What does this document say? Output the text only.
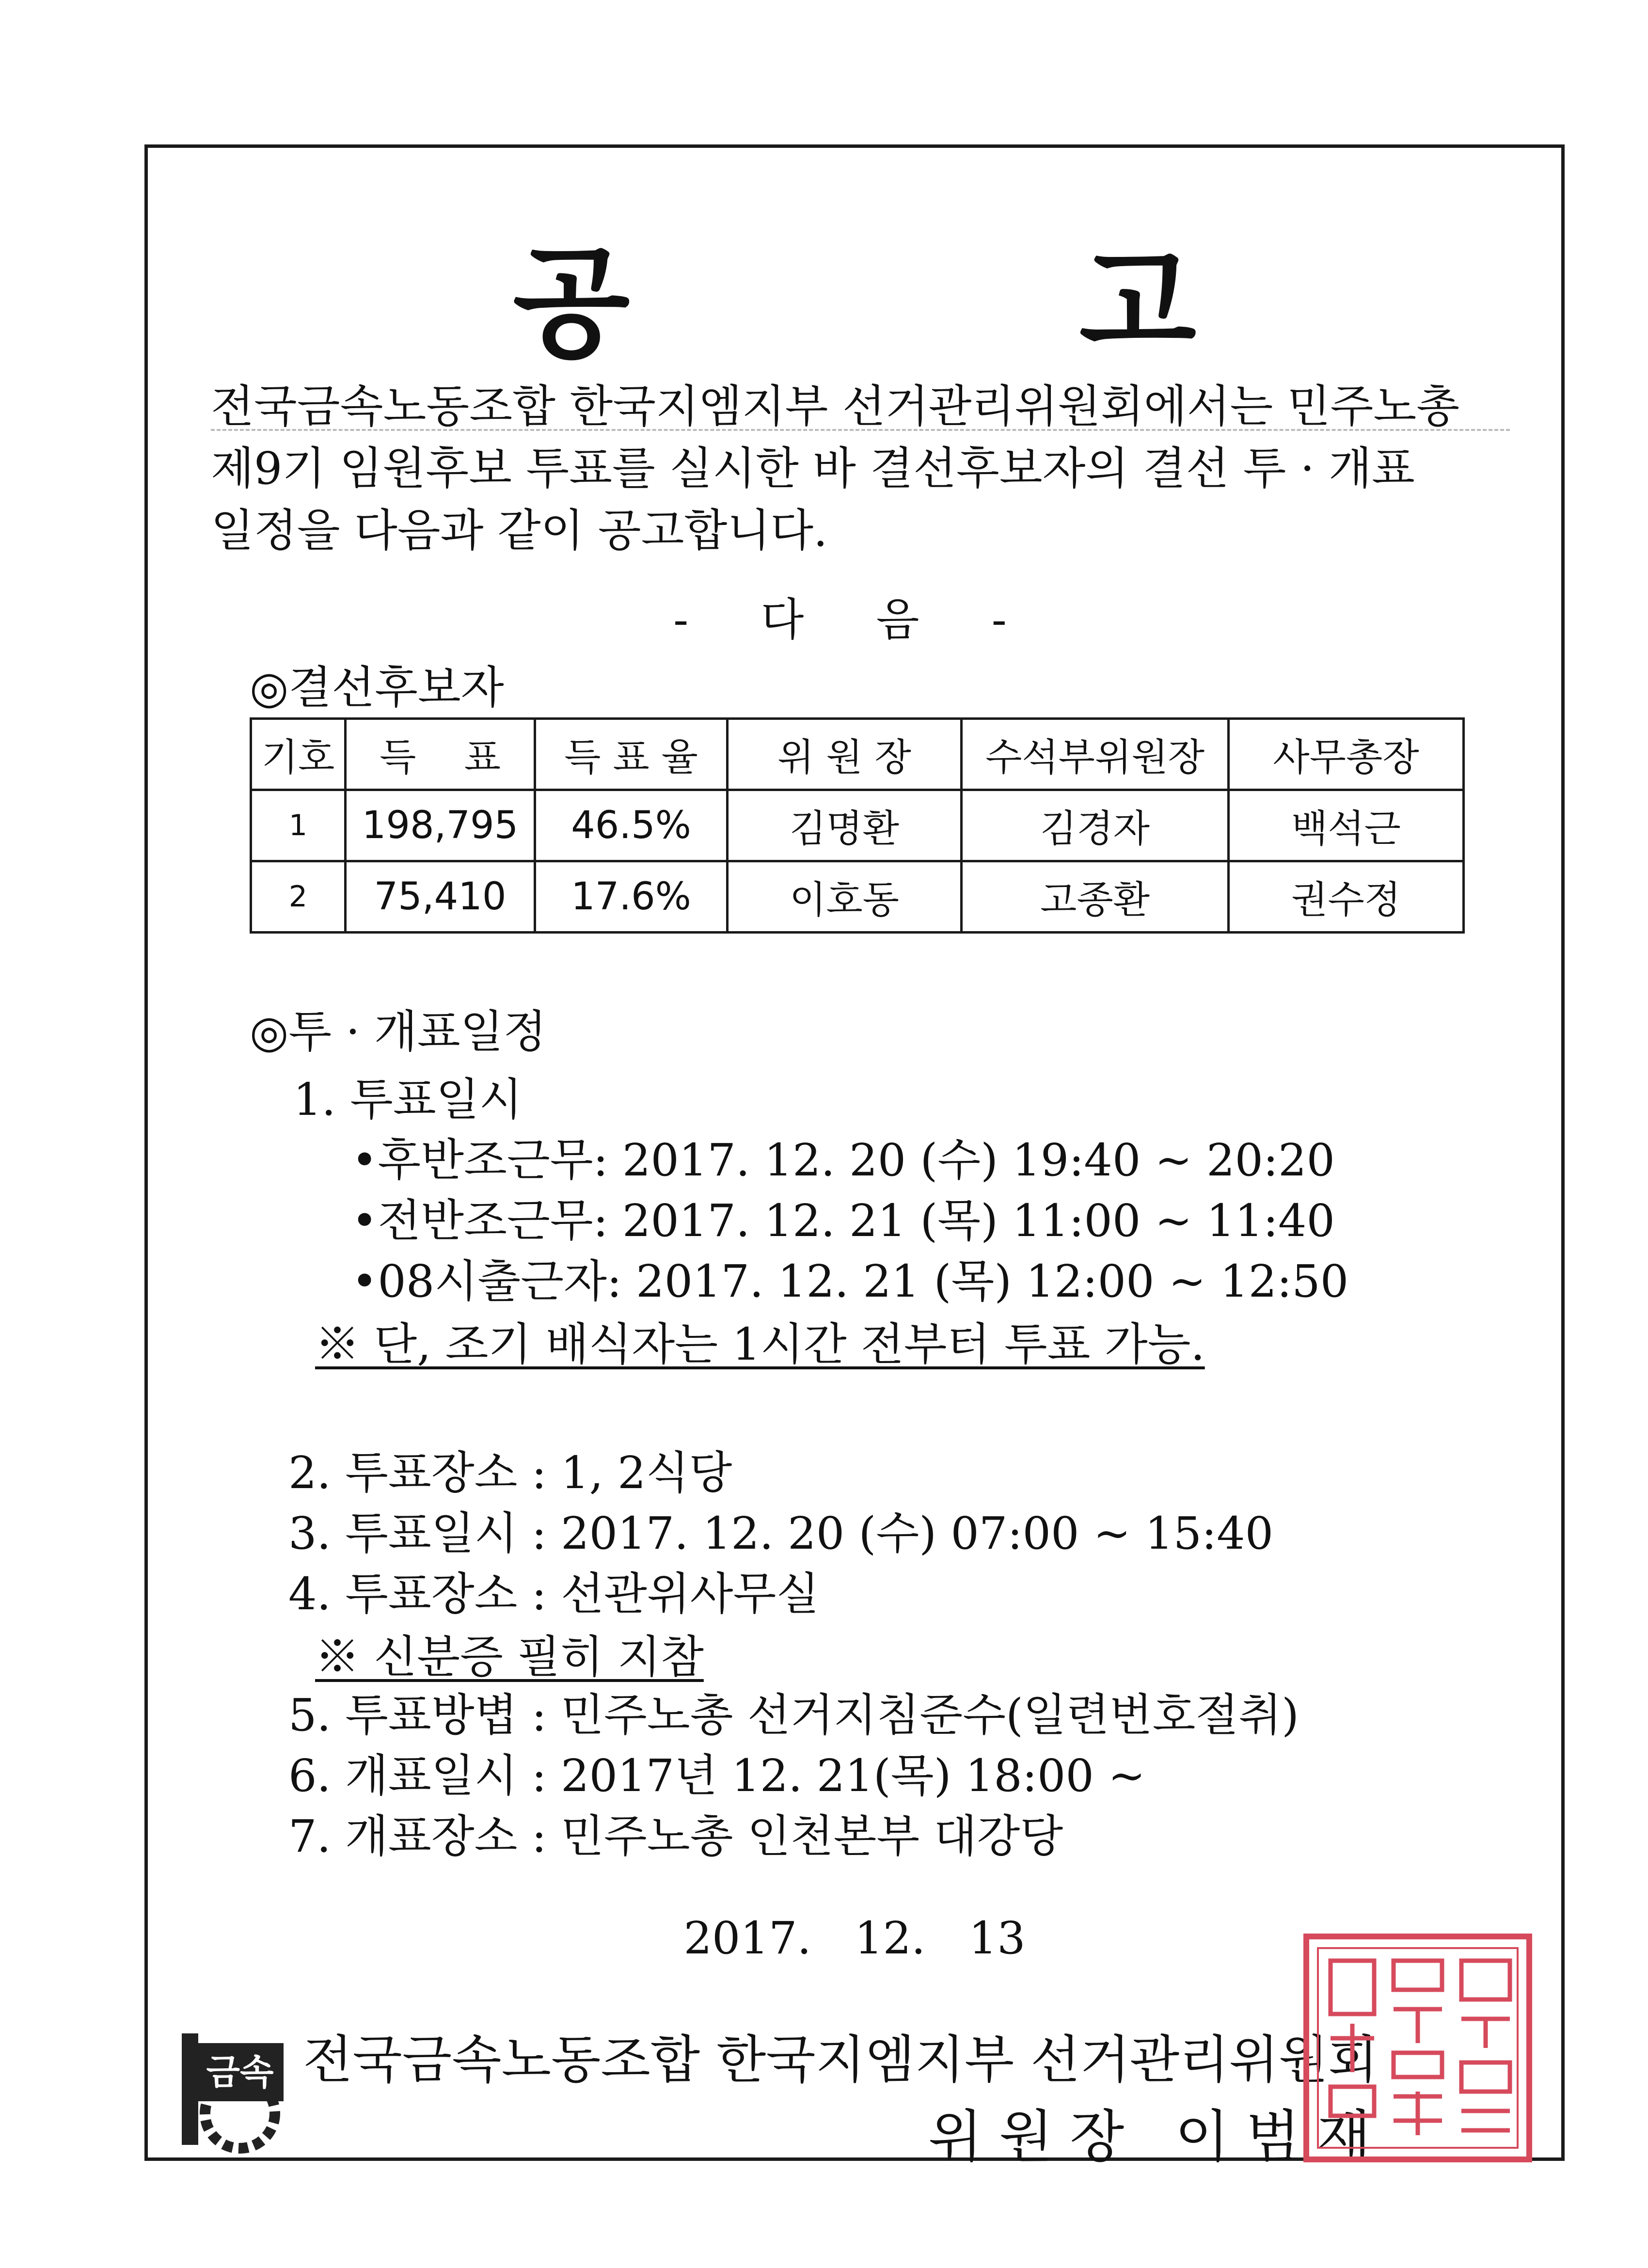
공 고
전국금속노동조합 한국지엠지부 선거관리위원회에서는 민주노총
제9기 임원후보 투표를 실시한 바 결선후보자의 결선 투 · 개표
일정을 다음과 같이 공고합니다.
- 다 음 -
◎결선후보자
기호	득    표	득 표 율	위 원 장	수석부위원장	사무총장
1	198,795	46.5%	김명환	김경자	백석근
2	75,410	17.6%	이호동	고종환	권수정
◎투 · 개표일정
1. 투표일시
•후반조근무: 2017. 12. 20 (수) 19:40 ~ 20:20
•전반조근무: 2017. 12. 21 (목) 11:00 ~ 11:40
•08시출근자: 2017. 12. 21 (목) 12:00 ~ 12:50
※ 단, 조기 배식자는 1시간 전부터 투표 가능.
2. 투표장소 : 1, 2식당
3. 투표일시 : 2017. 12. 20 (수) 07:00 ~ 15:40
4. 투표장소 : 선관위사무실
※ 신분증 필히 지참
5. 투표방볍 : 민주노총 선거지침준수(일련번호절취)
6. 개표일시 : 2017년 12. 21(목) 18:00 ~
7. 개표장소 : 민주노총 인천본부 대강당
2017. 12. 13
금속 전국금속노동조합 한국지엠지부 선거관리위원회
위원장 이범재
